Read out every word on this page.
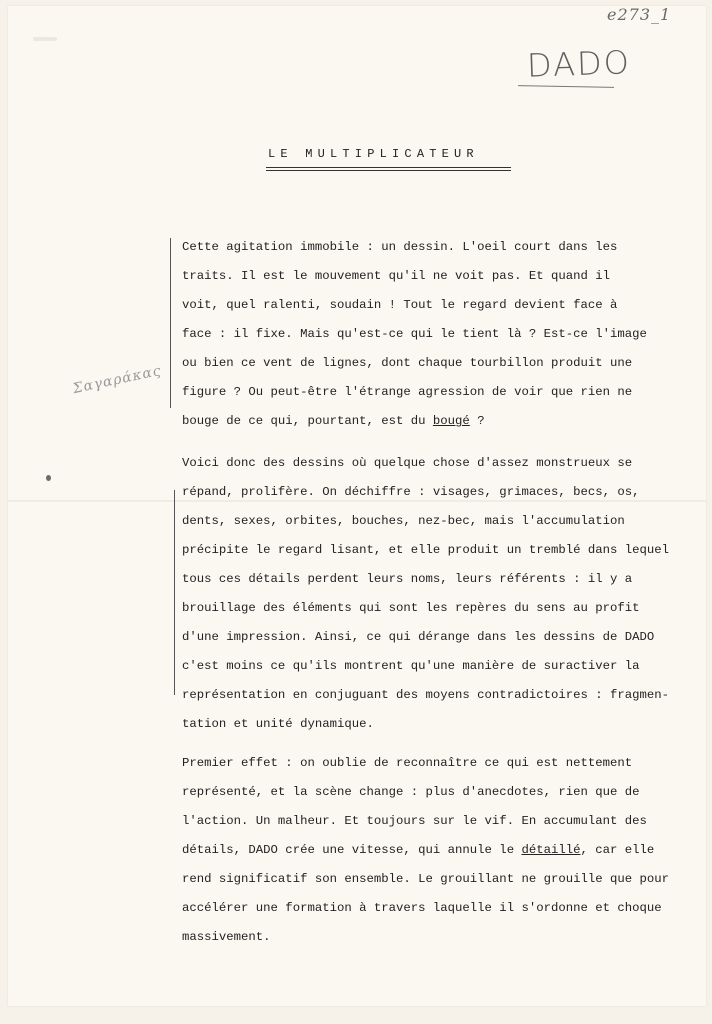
e273_1
DADO
LE MULTIPLICATEUR
Σαγαράκας
Cette agitation immobile : un dessin. L'oeil court dans les
traits. Il est le mouvement qu'il ne voit pas. Et quand il
voit, quel ralenti, soudain ! Tout le regard devient face à
face : il fixe. Mais qu'est-ce qui le tient là ? Est-ce l'image
ou bien ce vent de lignes, dont chaque tourbillon produit une
figure ? Ou peut-être l'étrange agression de voir que rien ne
bouge de ce qui, pourtant, est du bougé ?
Voici donc des dessins où quelque chose d'assez monstrueux se
répand, prolifère. On déchiffre : visages, grimaces, becs, os,
dents, sexes, orbites, bouches, nez-bec, mais l'accumulation
précipite le regard lisant, et elle produit un tremblé dans lequel
tous ces détails perdent leurs noms, leurs référents : il y a
brouillage des éléments qui sont les repères du sens au profit
d'une impression. Ainsi, ce qui dérange dans les dessins de DADO
c'est moins ce qu'ils montrent qu'une manière de suractiver la
représentation en conjuguant des moyens contradictoires : fragmen-
tation et unité dynamique.
Premier effet : on oublie de reconnaître ce qui est nettement
représenté, et la scène change : plus d'anecdotes, rien que de
l'action. Un malheur. Et toujours sur le vif. En accumulant des
détails, DADO crée une vitesse, qui annule le détaillé, car elle
rend significatif son ensemble. Le grouillant ne grouille que pour
accélérer une formation à travers laquelle il s'ordonne et choque
massivement.
